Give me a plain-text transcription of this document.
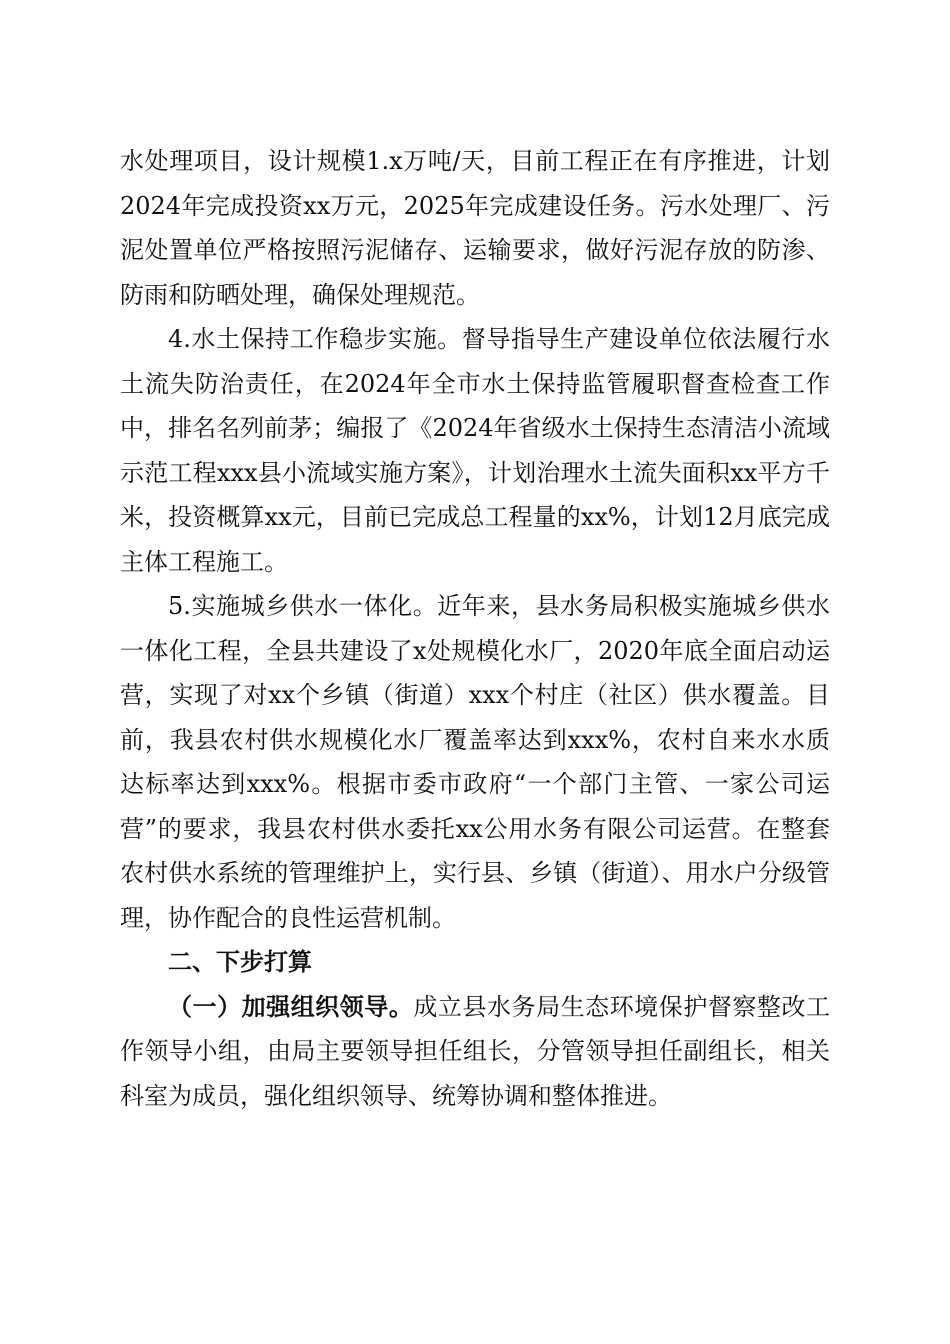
水处理项目，设计规模1.x万吨/天，目前工程正在有序推进，计划2024年完成投资xx万元，2025年完成建设任务。污水处理厂、污泥处置单位严格按照污泥储存、运输要求，做好污泥存放的防渗、防雨和防晒处理，确保处理规范。

4.水土保持工作稳步实施。督导指导生产建设单位依法履行水土流失防治责任，在2024年全市水土保持监管履职督查检查工作中，排名名列前茅；编报了《2024年省级水土保持生态清洁小流域示范工程xxx县小流域实施方案》，计划治理水土流失面积xx平方千米，投资概算xx元，目前已完成总工程量的xx%，计划12月底完成主体工程施工。

5.实施城乡供水一体化。近年来，县水务局积极实施城乡供水一体化工程，全县共建设了x处规模化水厂，2020年底全面启动运营，实现了对xx个乡镇（街道）xxx个村庄（社区）供水覆盖。目前，我县农村供水规模化水厂覆盖率达到xxx%，农村自来水水质达标率达到xxx%。根据市委市政府“一个部门主管、一家公司运营”的要求，我县农村供水委托xx公用水务有限公司运营。在整套农村供水系统的管理维护上，实行县、乡镇（街道）、用水户分级管理，协作配合的良性运营机制。

二、下步打算

（一）加强组织领导。成立县水务局生态环境保护督察整改工作领导小组，由局主要领导担任组长，分管领导担任副组长，相关科室为成员，强化组织领导、统筹协调和整体推进。
